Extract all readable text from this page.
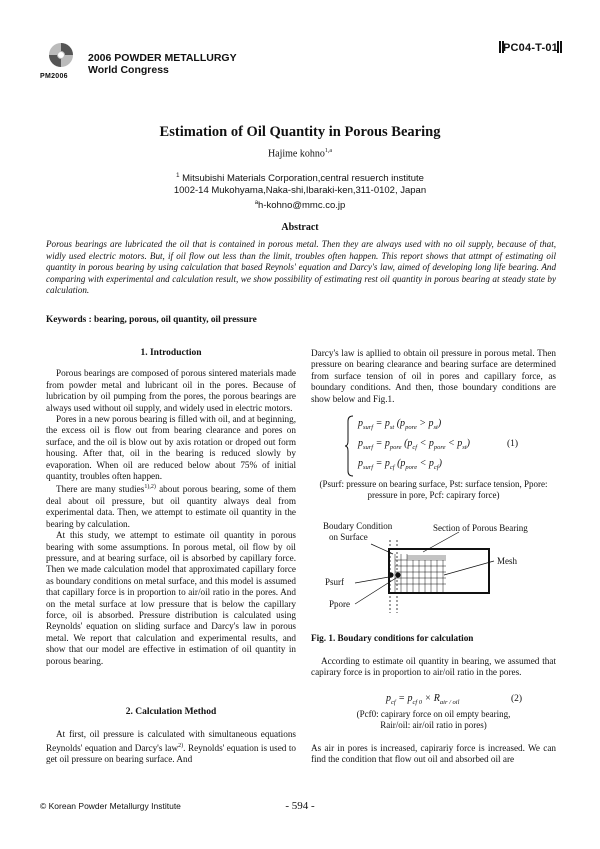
PM2006
2006 POWDER METALLURGY
World Congress
PC04-T-01
Estimation of Oil Quantity in Porous Bearing
Hajime kohno$^{1,a}$
$^1$ Mitsubishi Materials Corporation,central resuerch institute
1002-14 Mukohyama,Naka-shi,Ibaraki-ken,311-0102, Japan
$^a$h-kohno@mmc.co.jp
Abstract
Porous bearings are lubricated the oil that is contained in porous metal. Then they are always used with no oil supply, because of that, widly used electric motors. But, if oil flow out less than the limit, troubles often happen. This report shows that attmpt of estimating oil quantity in porous bearing by using calculation that based Reynols' equation and Darcy's law, aimed of developing long life bearing. And comparing with experimental and calculation result, we show possibility of estimating rest oil quantity in porous bearing at steady state by calculation.
Keywords : bearing, porous, oil quantity, oil pressure
1. Introduction

Porous bearings are composed of porous sintered materials made from powder metal and lubricant oil in the pores. Because of lubrication by oil pumping from the pores, the porous bearings are always used without oil supply, and widely used in electric motors.

Pores in a new porous bearing is filled with oil, and at beginning, the excess oil is flow out from bearing clearance and pores on surface, and the oil is blow out by axis rotation or droped out form housing. After that, oil in the bearing is reduced slowly by evaporation. When oil are reduced below about 75% of initial quantity, troubles often happen.

There are many studies$^{1),2)}$ about porous bearing, some of them deal about oil pressure, but oil quantity always deal from experimental data. Then, we attempt to estimate oil quantity in the bearing by calculation.

At this study, we attempt to estimate oil quantity in porous bearing with some assumptions. In porous metal, oil flow by oil pressure, and at bearing surface, oil is absorbed by capillary force. Then we made calculation model that approximated capillary force as boundary conditions on metal surface, and this model is assumed that capillary force is in proportion to air/oil ratio in the pores. And on the metal surface at low pressure that is below the capillary force, oil is absorbed. Pressure distribution is calculated using Reynolds' equation on sliding surface and Darcy's law in porous metal. We report that calculation and experimental results, and show that our model are effective in estimation of oil quantity in porous bearing.

2. Calculation Method

At first, oil pressure is calculated with simultaneous equations Reynolds' equation and Darcy's law$^{2)}$. Reynolds' equation is used to get oil pressure on bearing surface. And

Darcy's law is apllied to obtain oil pressure in porous metal. Then pressure on bearing clearance and bearing surface are determined from surface tension of oil in pores and capillary force, as boundary conditions. And then, those boundary conditions are show below and Fig.1.

$p_{surf} = p_{st}$ $(p_{pore} > p_{st})$
$p_{surf} = p_{pore}$ $(p_{cf} < p_{pore} < p_{st})$
$p_{surf} = p_{cf}$ $(p_{pore} < p_{cf})$
(1)
(Psurf: pressure on bearing surface, Pst: surface tension, Ppore:
pressure in pore, Pcf: capirary force)
Boudary Condition
on Surface
Section of Porous Bearing
Mesh
Psurf
Ppore
Fig. 1. Boudary conditions for calculation

According to estimate oil quantity in bearing, we assumed that capirary force is in proportion to air/oil ratio in the pores.

$p_{cf} = p_{cf 0} \times R_{air / oil}$	(2)
(Pcf0: capirary force on oil empty bearing,
Rair/oil: air/oil ratio in pores)

As air in pores is increased, capirariy force is increased. We can find the condition that flow out oil and absorbed oil are

© Korean Powder Metallurgy Institute	- 594 -
